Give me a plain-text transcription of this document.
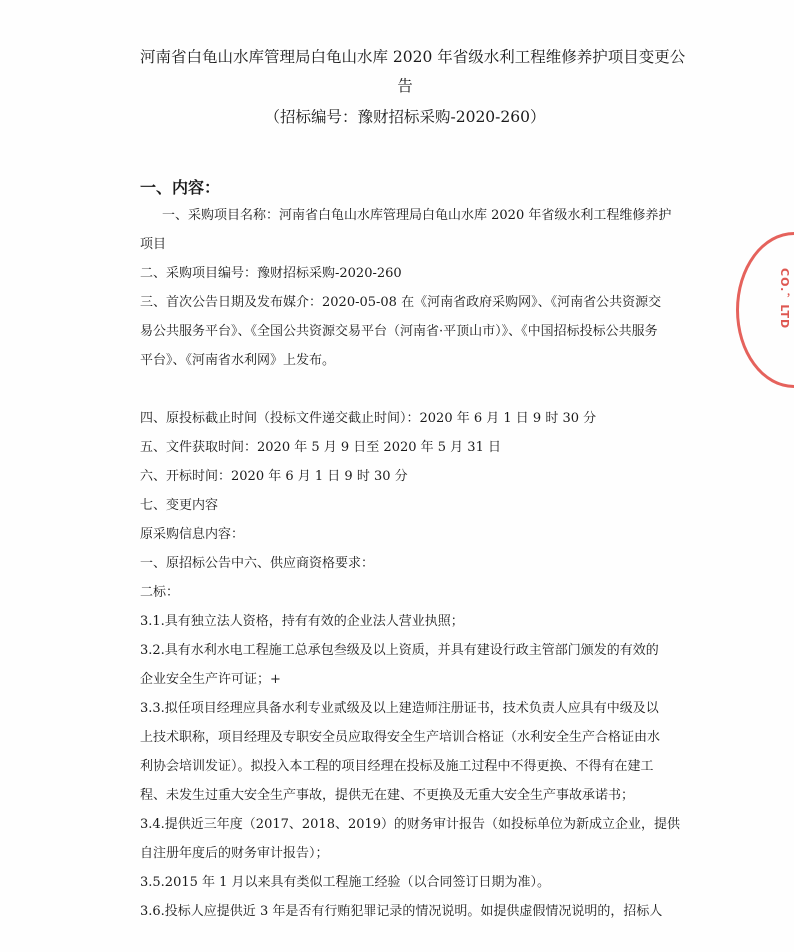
河南省白龟山水库管理局白龟山水库 2020 年省级水利工程维修养护项目变更公
告
（招标编号：豫财招标采购-2020-260）
一、内容：
一、采购项目名称：河南省白龟山水库管理局白龟山水库 2020 年省级水利工程维修养护
项目
二、采购项目编号：豫财招标采购-2020-260
三、首次公告日期及发布媒介：2020-05-08 在《河南省政府采购网》、《河南省公共资源交
易公共服务平台》、《全国公共资源交易平台（河南省·平顶山市）》、《中国招标投标公共服务
平台》、《河南省水利网》上发布。
四、原投标截止时间（投标文件递交截止时间）：2020 年 6 月 1 日 9 时 30 分
五、文件获取时间：2020 年 5 月 9 日至 2020 年 5 月 31 日
六、开标时间：2020 年 6 月 1 日 9 时 30 分
七、变更内容
原采购信息内容：
一、原招标公告中六、供应商资格要求：
二标：
3.1.具有独立法人资格，持有有效的企业法人营业执照；
3.2.具有水利水电工程施工总承包叁级及以上资质，并具有建设行政主管部门颁发的有效的
企业安全生产许可证；+
3.3.拟任项目经理应具备水利专业贰级及以上建造师注册证书，技术负责人应具有中级及以
上技术职称，项目经理及专职安全员应取得安全生产培训合格证（水利安全生产合格证由水
利协会培训发证）。拟投入本工程的项目经理在投标及施工过程中不得更换、不得有在建工
程、未发生过重大安全生产事故，提供无在建、不更换及无重大安全生产事故承诺书；
3.4.提供近三年度（2017、2018、2019）的财务审计报告（如投标单位为新成立企业，提供
自注册年度后的财务审计报告）；
3.5.2015 年 1 月以来具有类似工程施工经验（以合同签订日期为准）。
3.6.投标人应提供近 3 年是否有行贿犯罪记录的情况说明。如提供虚假情况说明的，招标人
CO.，LTD
